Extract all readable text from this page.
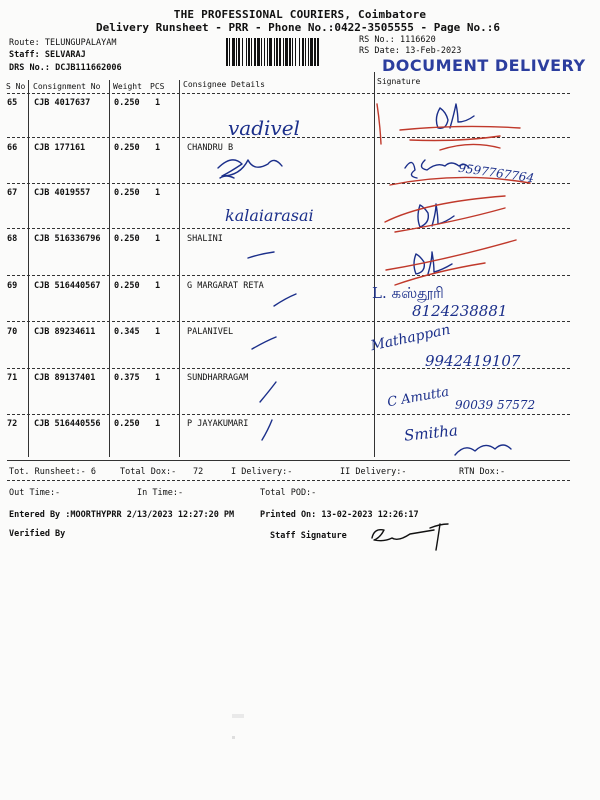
THE PROFESSIONAL COURIERS, Coimbatore
Delivery Runsheet - PRR - Phone No.:0422-3505555 - Page No.:6
Route: TELUNGUPALAYAM
Staff: SELVARAJ
DRS No.: DCJB111662006
RS No.: 1116620
RS Date: 13-Feb-2023
DOCUMENT DELIVERY
S No Consignment No Weight PCS Consignee Details	Signature
65 CJB 4017637	0.250 1
66 CJB 177161	0.250 1	CHANDRU B
67 CJB 4019557	0.250 1
68 CJB 516336796 0.250 1	SHALINI
69 CJB 516440567 0.250 1	G MARGARAT RETA
70 CJB 89234611 0.345 1	PALANIVEL
71 CJB 89137401 0.375 1	SUNDHARRAGAM
72 CJB 516440556 0.250 1	P JAYAKUMARI
vadivel
kalaiarasai
9597767764
L. கஸ்தூரி
8124238881
Mathappan
9942419107
C Amutta 90039 57572
Smitha
Tot. Runsheet:- 6	Total Dox:- 72	I Delivery:-	II Delivery:-	RTN Dox:-
Out Time:-	In Time:-	Total POD:-
Entered By :MOORTHYPRR 2/13/2023 12:27:20 PM	Printed On: 13-02-2023 12:26:17
Verified By	Staff Signature
